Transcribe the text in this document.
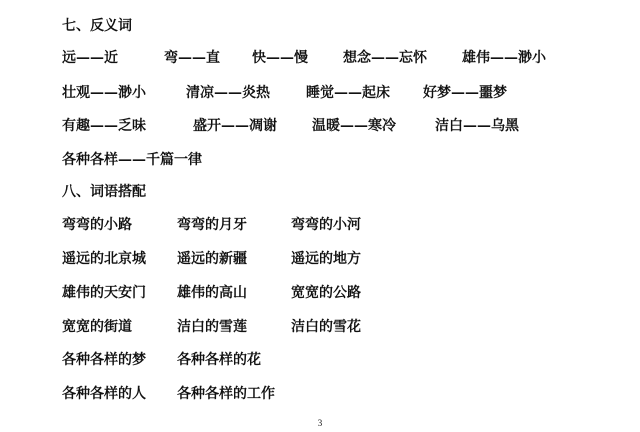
七、反义词
远——近	弯——直 快——慢	想念——忘怀	雄伟——渺小
壮观——渺小	清凉——炎热	睡觉——起床 好梦——噩梦
有趣——乏味	盛开——凋谢	温暖——寒冷	洁白——乌黑
各种各样——千篇一律
八、词语搭配
弯弯的小路	弯弯的月牙	弯弯的小河
遥远的北京城 遥远的新疆	遥远的地方
雄伟的天安门 雄伟的高山	宽宽的公路
宽宽的街道	洁白的雪莲	洁白的雪花
各种各样的梦 各种各样的花
各种各样的人 各种各样的工作
3
